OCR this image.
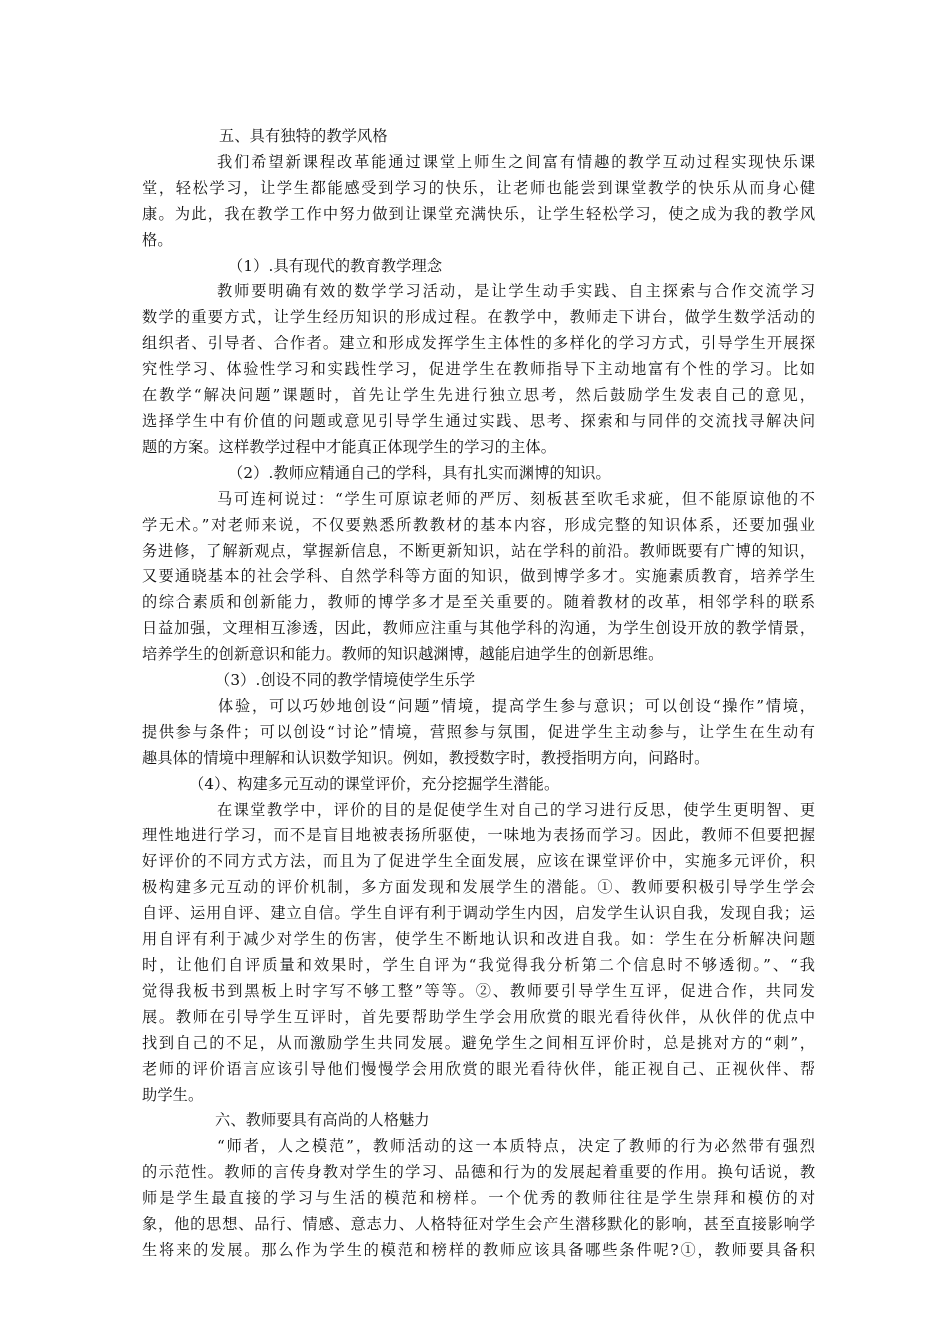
五、具有独特的教学风格
我们希望新课程改革能通过课堂上师生之间富有情趣的教学互动过程实现快乐课
堂，轻松学习，让学生都能感受到学习的快乐，让老师也能尝到课堂教学的快乐从而身心健
康。为此，我在教学工作中努力做到让课堂充满快乐，让学生轻松学习，使之成为我的教学风
格。
（1）.具有现代的教育教学理念
教师要明确有效的数学学习活动，是让学生动手实践、自主探索与合作交流学习
数学的重要方式，让学生经历知识的形成过程。在教学中，教师走下讲台，做学生数学活动的
组织者、引导者、合作者。建立和形成发挥学生主体性的多样化的学习方式，引导学生开展探
究性学习、体验性学习和实践性学习，促进学生在教师指导下主动地富有个性的学习。比如
在教学“解决问题”课题时，首先让学生先进行独立思考，然后鼓励学生发表自己的意见，
选择学生中有价值的问题或意见引导学生通过实践、思考、探索和与同伴的交流找寻解决问
题的方案。这样教学过程中才能真正体现学生的学习的主体。
（2）.教师应精通自己的学科，具有扎实而渊博的知识。
马可连柯说过：“学生可原谅老师的严厉、刻板甚至吹毛求疵，但不能原谅他的不
学无术。”对老师来说，不仅要熟悉所教教材的基本内容，形成完整的知识体系，还要加强业
务进修，了解新观点，掌握新信息，不断更新知识，站在学科的前沿。教师既要有广博的知识，
又要通晓基本的社会学科、自然学科等方面的知识，做到博学多才。实施素质教育，培养学生
的综合素质和创新能力，教师的博学多才是至关重要的。随着教材的改革，相邻学科的联系
日益加强，文理相互渗透，因此，教师应注重与其他学科的沟通，为学生创设开放的教学情景，
培养学生的创新意识和能力。教师的知识越渊博，越能启迪学生的创新思维。
（3）.创设不同的教学情境使学生乐学
体验，可以巧妙地创设“问题”情境，提高学生参与意识；可以创设“操作”情境，
提供参与条件；可以创设“讨论”情境，营照参与氛围，促进学生主动参与，让学生在生动有
趣具体的情境中理解和认识数学知识。例如，教授数字时，教授指明方向，问路时。
（4）、构建多元互动的课堂评价，充分挖掘学生潜能。
在课堂教学中，评价的目的是促使学生对自己的学习进行反思，使学生更明智、更
理性地进行学习，而不是盲目地被表扬所驱使，一味地为表扬而学习。因此，教师不但要把握
好评价的不同方式方法，而且为了促进学生全面发展，应该在课堂评价中，实施多元评价，积
极构建多元互动的评价机制，多方面发现和发展学生的潜能。①、教师要积极引导学生学会
自评、运用自评、建立自信。学生自评有利于调动学生内因，启发学生认识自我，发现自我；运
用自评有利于减少对学生的伤害，使学生不断地认识和改进自我。如：学生在分析解决问题
时，让他们自评质量和效果时，学生自评为“我觉得我分析第二个信息时不够透彻。”、“我
觉得我板书到黑板上时字写不够工整”等等。②、教师要引导学生互评，促进合作，共同发
展。教师在引导学生互评时，首先要帮助学生学会用欣赏的眼光看待伙伴，从伙伴的优点中
找到自己的不足，从而激励学生共同发展。避免学生之间相互评价时，总是挑对方的“刺”，
老师的评价语言应该引导他们慢慢学会用欣赏的眼光看待伙伴，能正视自己、正视伙伴、帮
助学生。
六、教师要具有高尚的人格魅力
“师者，人之模范”，教师活动的这一本质特点，决定了教师的行为必然带有强烈
的示范性。教师的言传身教对学生的学习、品德和行为的发展起着重要的作用。换句话说，教
师是学生最直接的学习与生活的模范和榜样。一个优秀的教师往往是学生崇拜和模仿的对
象，他的思想、品行、情感、意志力、人格特征对学生会产生潜移默化的影响，甚至直接影响学
生将来的发展。那么作为学生的模范和榜样的教师应该具备哪些条件呢?①，教师要具备积
